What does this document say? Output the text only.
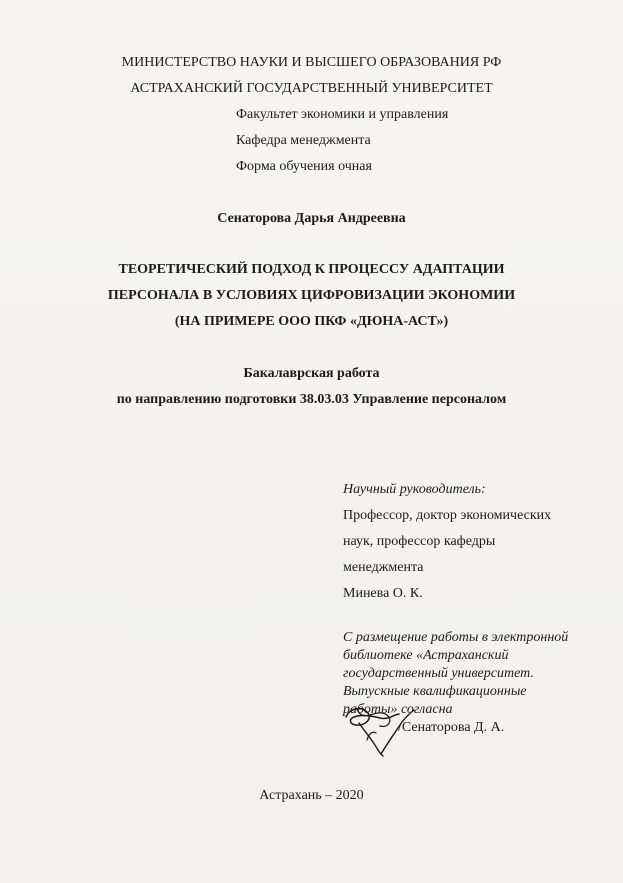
МИНИСТЕРСТВО НАУКИ И ВЫСШЕГО ОБРАЗОВАНИЯ РФ
АСТРАХАНСКИЙ ГОСУДАРСТВЕННЫЙ УНИВЕРСИТЕТ
Факультет экономики и управления
Кафедра менеджмента
Форма обучения очная
Сенаторова Дарья Андреевна
ТЕОРЕТИЧЕСКИЙ ПОДХОД К ПРОЦЕССУ АДАПТАЦИИ
ПЕРСОНАЛА В УСЛОВИЯХ ЦИФРОВИЗАЦИИ ЭКОНОМИИ
(НА ПРИМЕРЕ ООО ПКФ «ДЮНА-АСТ»)
Бакалаврская работа
по направлению подготовки 38.03.03 Управление персоналом
Научный руководитель:
Профессор, доктор экономических
наук, профессор кафедры
менеджмента
Минева О. К.
С размещение работы в электронной
библиотеке «Астраханский
государственный университет.
Выпускные квалификационные
работы» согласна
/Сенаторова Д. А.
Астрахань – 2020
